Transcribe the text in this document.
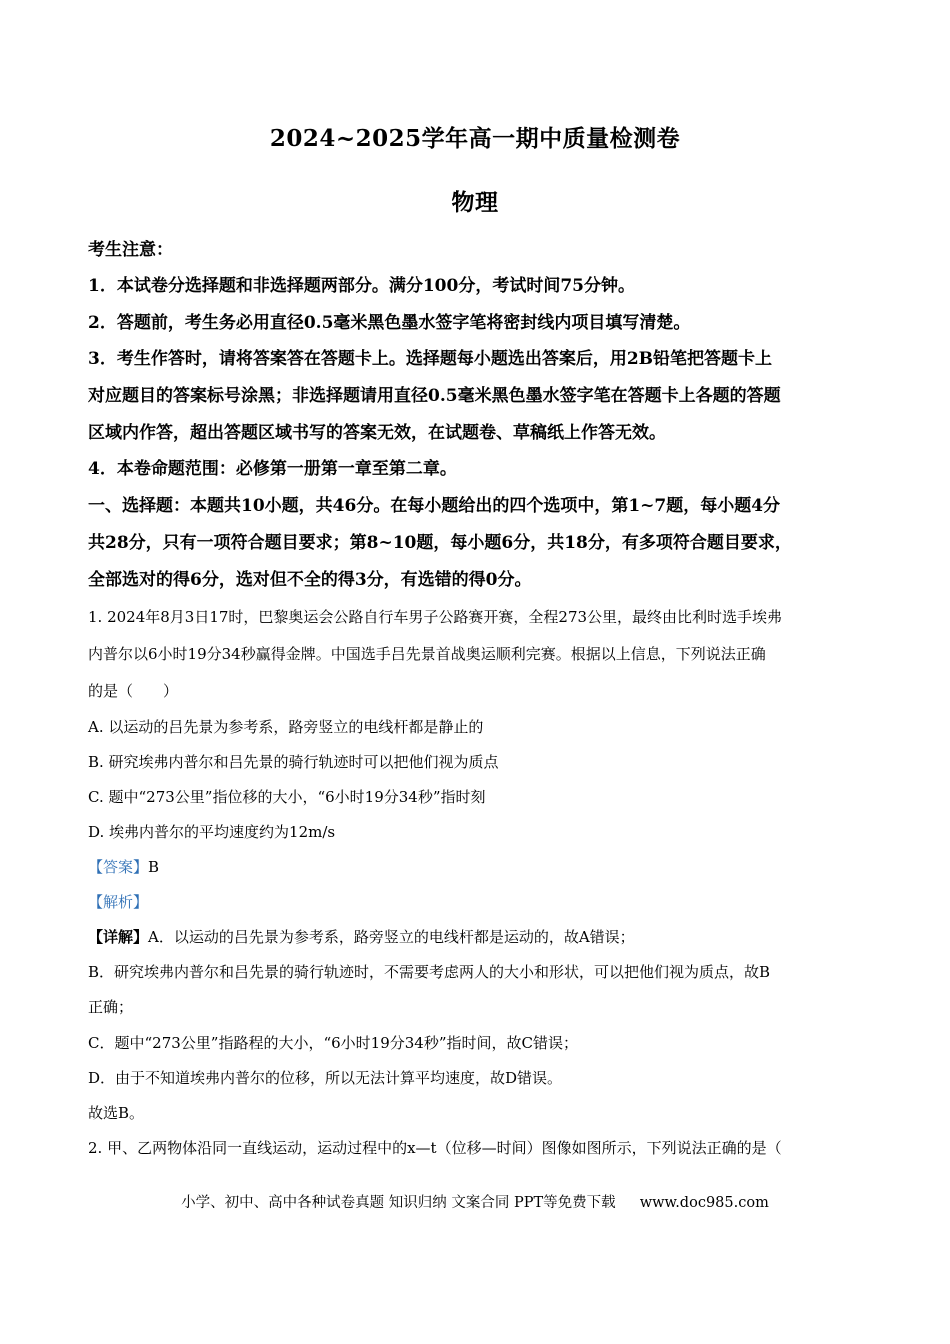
2024~2025学年高一期中质量检测卷
物理
考生注意：
1．本试卷分选择题和非选择题两部分。满分100分，考试时间75分钟。
2．答题前，考生务必用直径0.5毫米黑色墨水签字笔将密封线内项目填写清楚。
3．考生作答时，请将答案答在答题卡上。选择题每小题选出答案后，用2B铅笔把答题卡上
对应题目的答案标号涂黑；非选择题请用直径0.5毫米黑色墨水签字笔在答题卡上各题的答题
区域内作答，超出答题区域书写的答案无效，在试题卷、草稿纸上作答无效。
4．本卷命题范围：必修第一册第一章至第二章。
一、选择题：本题共10小题，共46分。在每小题给出的四个选项中，第1~7题，每小题4分
共28分，只有一项符合题目要求；第8~10题，每小题6分，共18分，有多项符合题目要求，
全部选对的得6分，选对但不全的得3分，有选错的得0分。
1. 2024年8月3日17时，巴黎奥运会公路自行车男子公路赛开赛，全程273公里，最终由比利时选手埃弗
内普尔以6小时19分34秒赢得金牌。中国选手吕先景首战奥运顺利完赛。根据以上信息，下列说法正确
的是（　　）
A. 以运动的吕先景为参考系，路旁竖立的电线杆都是静止的
B. 研究埃弗内普尔和吕先景的骑行轨迹时可以把他们视为质点
C. 题中“273公里”指位移的大小，“6小时19分34秒”指时刻
D. 埃弗内普尔的平均速度约为12m/s
【答案】B
【解析】
【详解】A．以运动的吕先景为参考系，路旁竖立的电线杆都是运动的，故A错误；
B．研究埃弗内普尔和吕先景的骑行轨迹时，不需要考虑两人的大小和形状，可以把他们视为质点，故B
正确；
C．题中“273公里”指路程的大小，“6小时19分34秒”指时间，故C错误；
D．由于不知道埃弗内普尔的位移，所以无法计算平均速度，故D错误。
故选B。
2. 甲、乙两物体沿同一直线运动，运动过程中的x—t（位移—时间）图像如图所示，下列说法正确的是（
小学、初中、高中各种试卷真题 知识归纳 文案合同 PPT等免费下载 www.doc985.com
